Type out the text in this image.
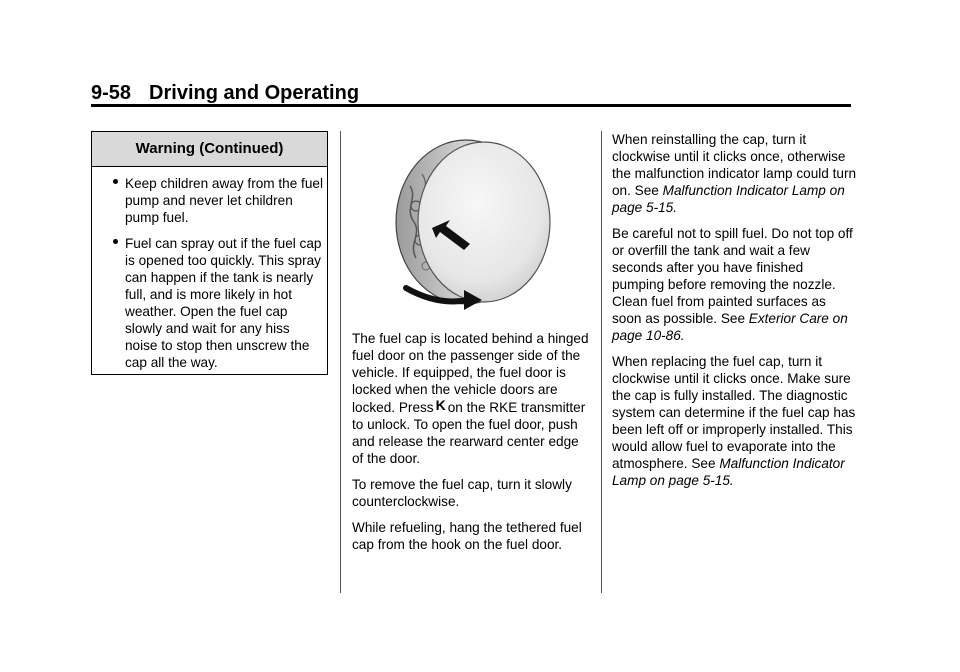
9-58 Driving and Operating
Warning (Continued)
Keep children away from the fuel pump and never let children pump fuel.
Fuel can spray out if the fuel cap is opened too quickly. This spray can happen if the tank is nearly full, and is more likely in hot weather. Open the fuel cap slowly and wait for any hiss noise to stop then unscrew the cap all the way.

The fuel cap is located behind a hinged fuel door on the passenger side of the vehicle. If equipped, the fuel door is locked when the vehicle doors are locked. Press K on the RKE transmitter to unlock. To open the fuel door, push and release the rearward center edge of the door.

To remove the fuel cap, turn it slowly counterclockwise.

While refueling, hang the tethered fuel cap from the hook on the fuel door.

When reinstalling the cap, turn it clockwise until it clicks once, otherwise the malfunction indicator lamp could turn on. See Malfunction Indicator Lamp on page 5-15.

Be careful not to spill fuel. Do not top off or overfill the tank and wait a few seconds after you have finished pumping before removing the nozzle. Clean fuel from painted surfaces as soon as possible. See Exterior Care on page 10-86.

When replacing the fuel cap, turn it clockwise until it clicks once. Make sure the cap is fully installed. The diagnostic system can determine if the fuel cap has been left off or improperly installed. This would allow fuel to evaporate into the atmosphere. See Malfunction Indicator Lamp on page 5-15.
